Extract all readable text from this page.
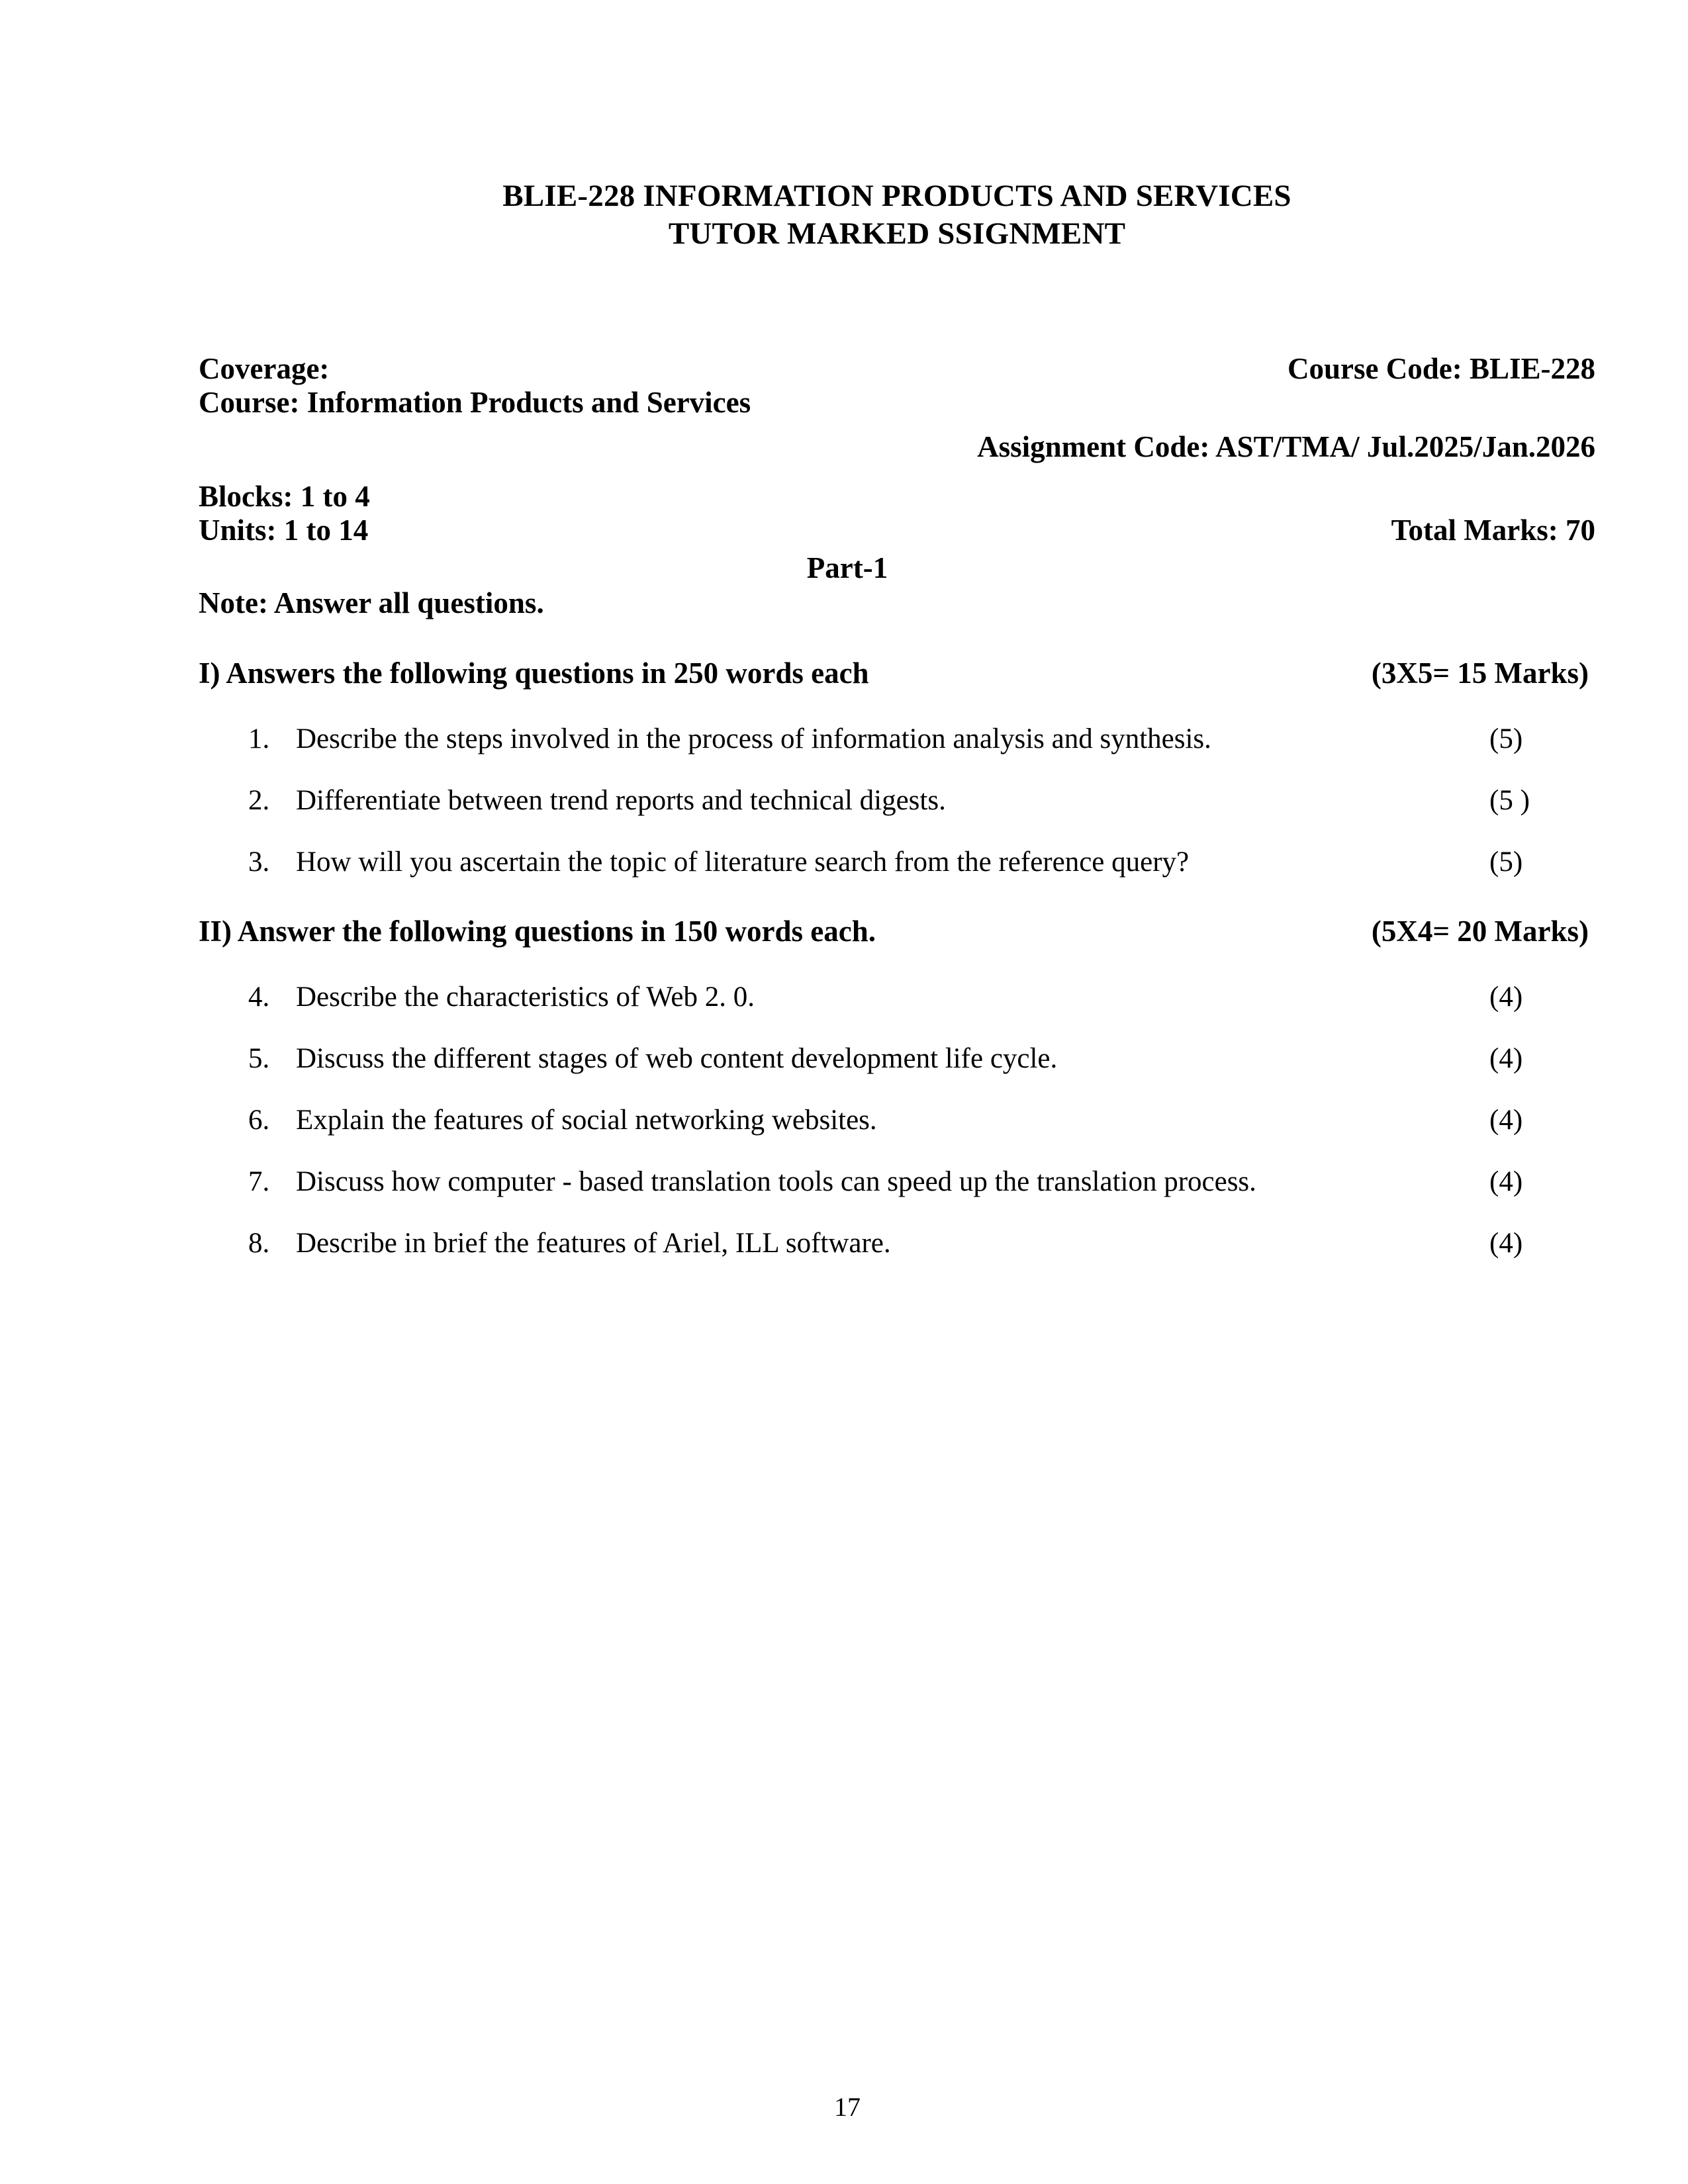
BLIE-228 INFORMATION PRODUCTS AND SERVICES
TUTOR MARKED SSIGNMENT
Coverage:	Course Code: BLIE-228
Course: Information Products and Services
Assignment Code: AST/TMA/ Jul.2025/Jan.2026
Blocks: 1 to 4
Units: 1 to 14	Total Marks: 70
Part-1
Note: Answer all questions.
I) Answers the following questions in 250 words each	(3X5= 15 Marks)
1. Describe the steps involved in the process of information analysis and synthesis.	(5)
2. Differentiate between trend reports and technical digests.	(5 )
3. How will you ascertain the topic of literature search from the reference query?	(5)
II) Answer the following questions in 150 words each.	(5X4= 20 Marks)
4. Describe the characteristics of Web 2. 0.	(4)
5. Discuss the different stages of web content development life cycle.	(4)
6. Explain the features of social networking websites.	(4)
7. Discuss how computer - based translation tools can speed up the translation process.	(4)
8. Describe in brief the features of Ariel, ILL software.	(4)
17
